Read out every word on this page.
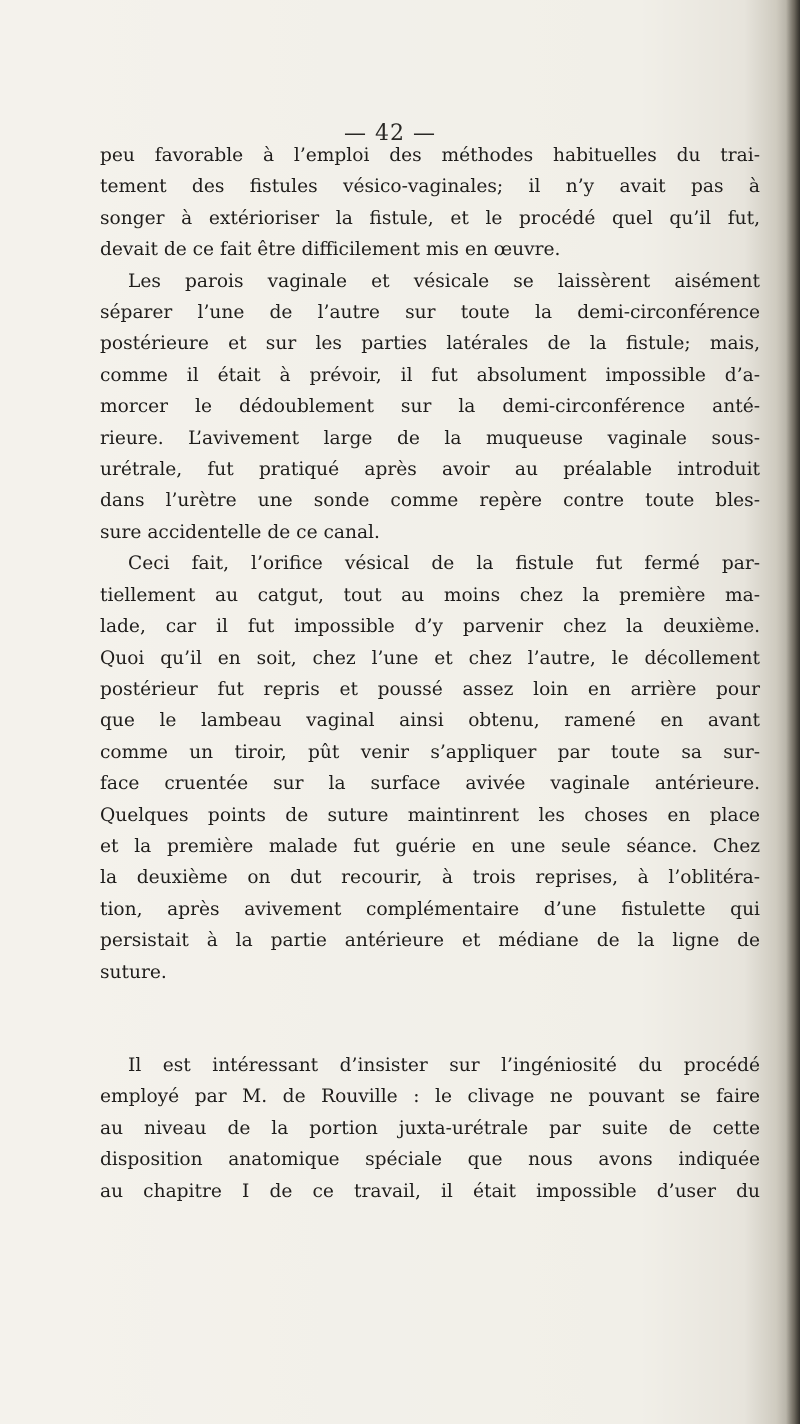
— 42 —
peu favorable à l’emploi des méthodes habituelles du trai-
tement des fistules vésico-vaginales; il n’y avait pas à
songer à extérioriser la fistule, et le procédé quel qu’il fut,
devait de ce fait être difficilement mis en œuvre.
Les parois vaginale et vésicale se laissèrent aisément
séparer l’une de l’autre sur toute la demi-circonférence
postérieure et sur les parties latérales de la fistule; mais,
comme il était à prévoir, il fut absolument impossible d’a-
morcer le dédoublement sur la demi-circonférence anté-
rieure. L’avivement large de la muqueuse vaginale sous-
urétrale, fut pratiqué après avoir au préalable introduit
dans l’urètre une sonde comme repère contre toute bles-
sure accidentelle de ce canal.
Ceci fait, l’orifice vésical de la fistule fut fermé par-
tiellement au catgut, tout au moins chez la première ma-
lade, car il fut impossible d’y parvenir chez la deuxième.
Quoi qu’il en soit, chez l’une et chez l’autre, le décollement
postérieur fut repris et poussé assez loin en arrière pour
que le lambeau vaginal ainsi obtenu, ramené en avant
comme un tiroir, pût venir s’appliquer par toute sa sur-
face cruentée sur la surface avivée vaginale antérieure.
Quelques points de suture maintinrent les choses en place
et la première malade fut guérie en une seule séance. Chez
la deuxième on dut recourir, à trois reprises, à l’oblitéra-
tion, après avivement complémentaire d’une fistulette qui
persistait à la partie antérieure et médiane de la ligne de
suture.
Il est intéressant d’insister sur l’ingéniosité du procédé
employé par M. de Rouville : le clivage ne pouvant se faire
au niveau de la portion juxta-urétrale par suite de cette
disposition anatomique spéciale que nous avons indiquée
au chapitre I de ce travail, il était impossible d’user du
